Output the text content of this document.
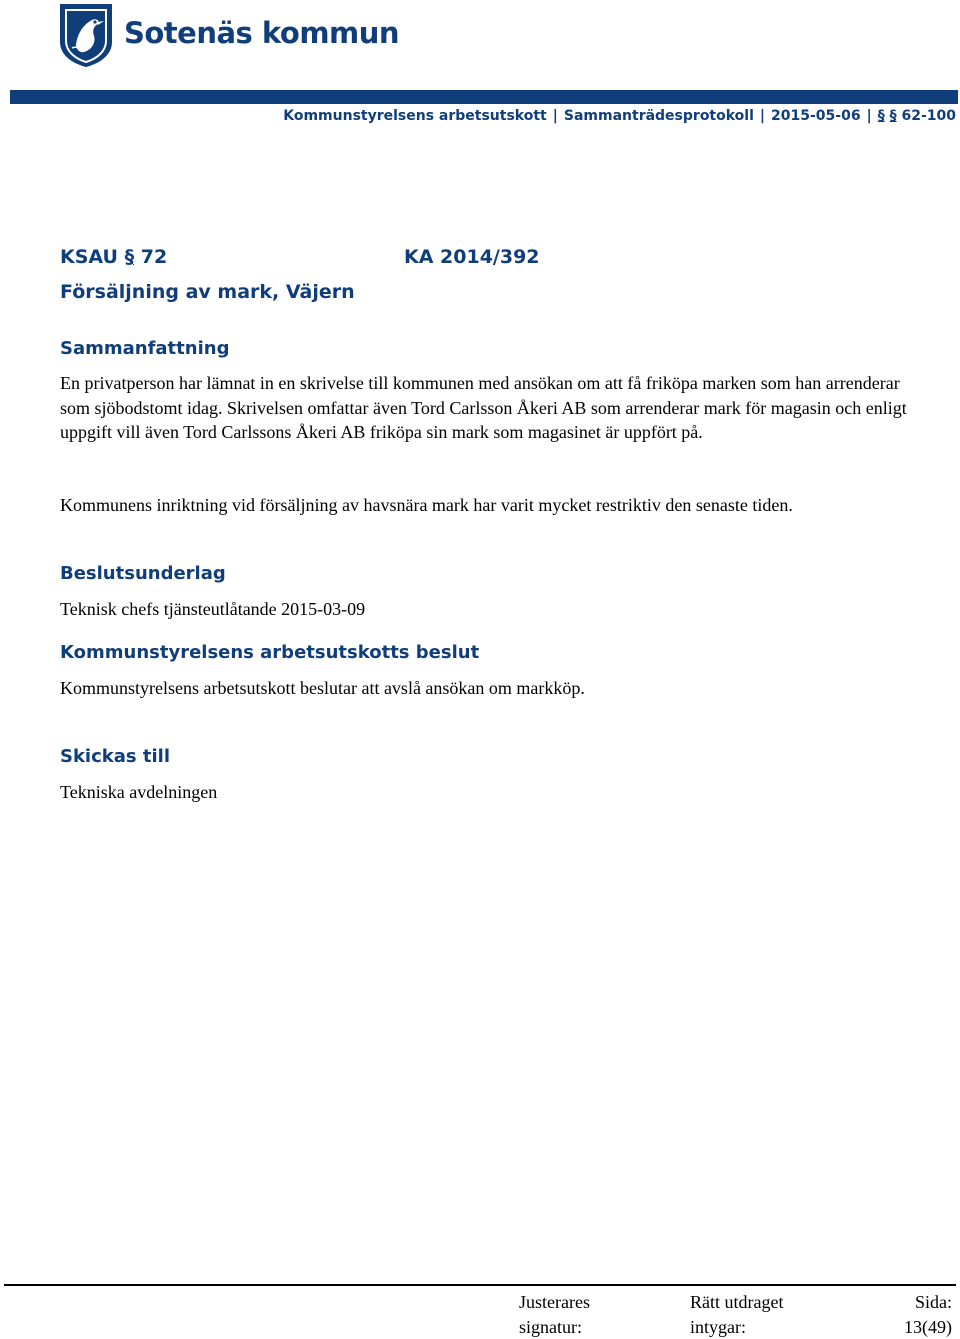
Sotenäs kommun
Kommunstyrelsens arbetsutskott | Sammanträdesprotokoll | 2015-05-06 | § § 62-100
KSAU § 72	KA 2014/392
Försäljning av mark, Väjern
Sammanfattning

En privatperson har lämnat in en skrivelse till kommunen med ansökan om att få friköpa marken som han arrenderar som sjöbodstomt idag. Skrivelsen omfattar även Tord Carlsson Åkeri AB som arrenderar mark för magasin och enligt uppgift vill även Tord Carlssons Åkeri AB friköpa sin mark som magasinet är uppfört på.

Kommunens inriktning vid försäljning av havsnära mark har varit mycket restriktiv den senaste tiden.

Beslutsunderlag

Teknisk chefs tjänsteutlåtande 2015-03-09

Kommunstyrelsens arbetsutskotts beslut

Kommunstyrelsens arbetsutskott beslutar att avslå ansökan om markköp.

Skickas till

Tekniska avdelningen

Justerares
signatur:
Rätt utdraget
intygar:
Sida:
13(49)
